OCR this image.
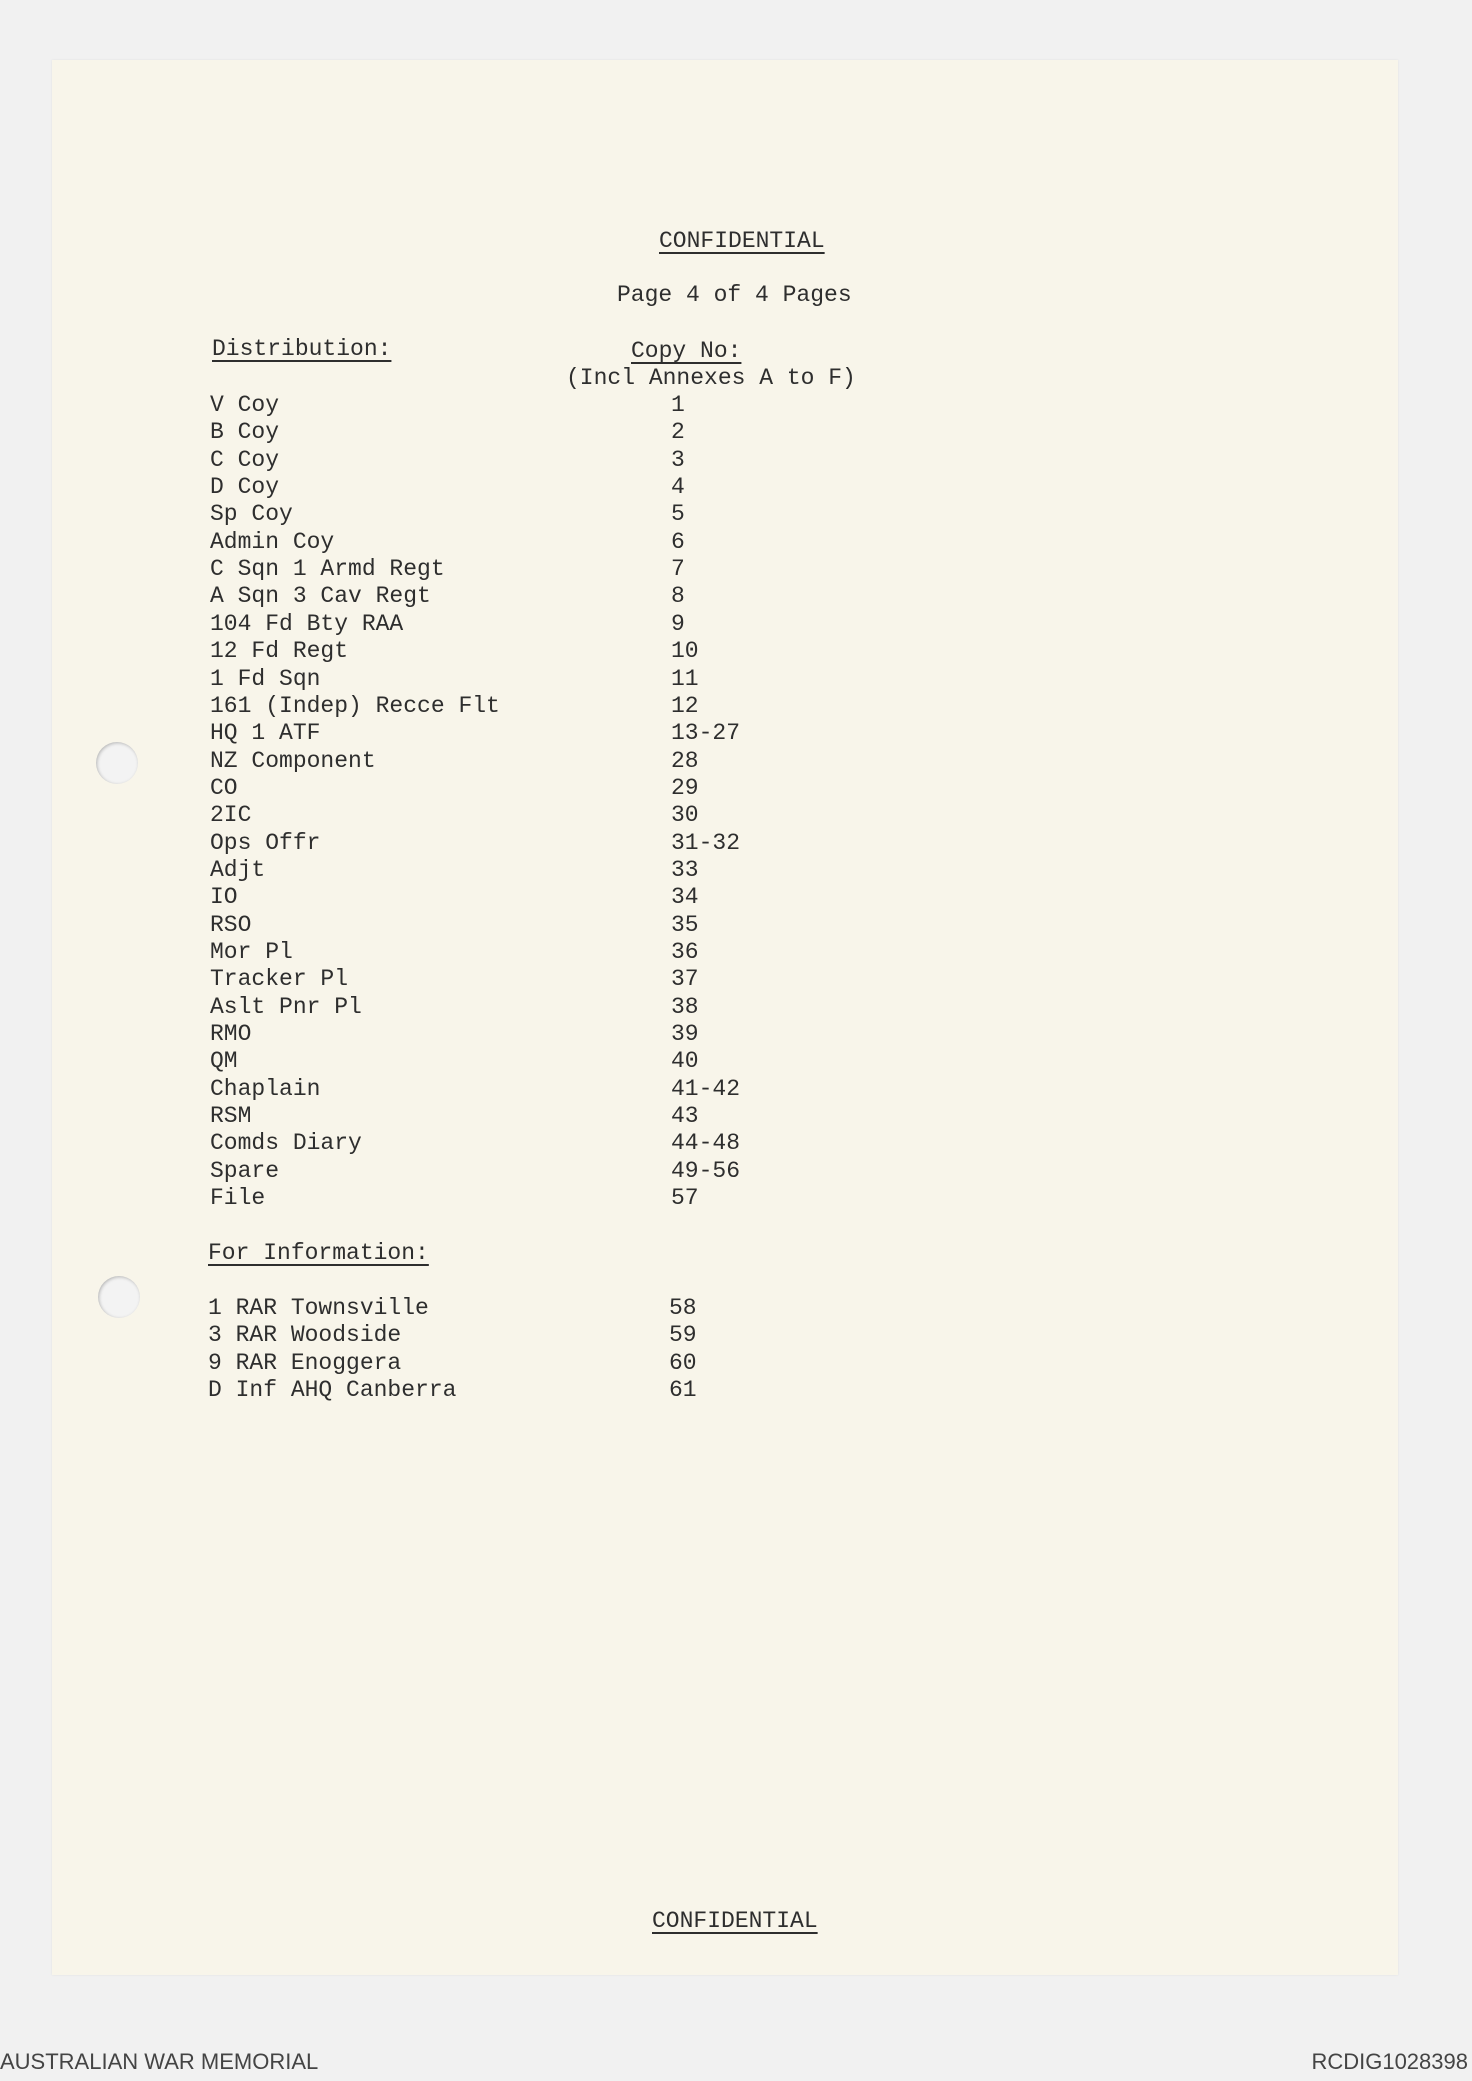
CONFIDENTIAL
Page 4 of 4 Pages
Distribution:	Copy No:
(Incl Annexes A to F)
V Coy	1
B Coy	2
C Coy	3
D Coy	4
Sp Coy	5
Admin Coy	6
C Sqn 1 Armd Regt	7
A Sqn 3 Cav Regt	8
104 Fd Bty RAA	9
12 Fd Regt	10
1 Fd Sqn	11
161 (Indep) Recce Flt	12
HQ 1 ATF	13-27
NZ Component	28
CO	29
2IC	30
Ops Offr	31-32
Adjt	33
IO	34
RSO	35
Mor Pl	36
Tracker Pl	37
Aslt Pnr Pl	38
RMO	39
QM	40
Chaplain	41-42
RSM	43
Comds Diary	44-48
Spare	49-56
File	57
1 RAR Townsville	58
3 RAR Woodside	59
9 RAR Enoggera	60
D Inf AHQ Canberra	61
For Information:
CONFIDENTIAL
AUSTRALIAN WAR MEMORIAL	RCDIG1028398
